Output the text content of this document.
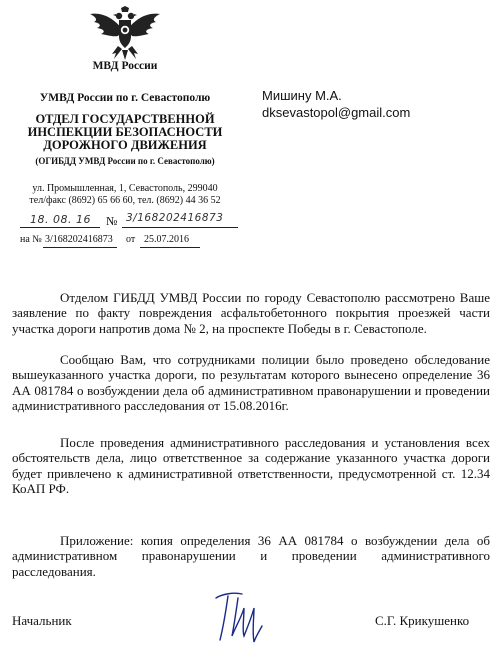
МВД России
УМВД России по г. Севастополю
ОТДЕЛ ГОСУДАРСТВЕННОЙ ИНСПЕКЦИИ БЕЗОПАСНОСТИ ДОРОЖНОГО ДВИЖЕНИЯ
(ОГИБДД УМВД России по г. Севастополю)
ул. Промышленная, 1, Севастополь, 299040
тел/факс (8692) 65 66 60, тел. (8692) 44 36 52
18. 08. 16 № 3/168202416873
на № 3/168202416873 от 25.07.2016
Мишину М.А.
dksevastopol@gmail.com
Отделом ГИБДД УМВД России по городу Севастополю рассмотрено Ваше заявление по факту повреждения асфальтобетонного покрытия проезжей части участка дороги напротив дома № 2, на проспекте Победы в г. Севастополе.
Сообщаю Вам, что сотрудниками полиции было проведено обследование вышеуказанного участка дороги, по результатам которого вынесено определение 36 АА 081784 о возбуждении дела об административном правонарушении и проведении административного расследования от 15.08.2016г.
После проведения административного расследования и установления всех обстоятельств дела, лицо ответственное за содержание указанного участка дороги будет привлечено к административной ответственности, предусмотренной ст. 12.34 КоАП РФ.
Приложение: копия определения 36 АА 081784 о возбуждении дела об административном правонарушении и проведении административного расследования.
Начальник	С.Г. Крикушенко
